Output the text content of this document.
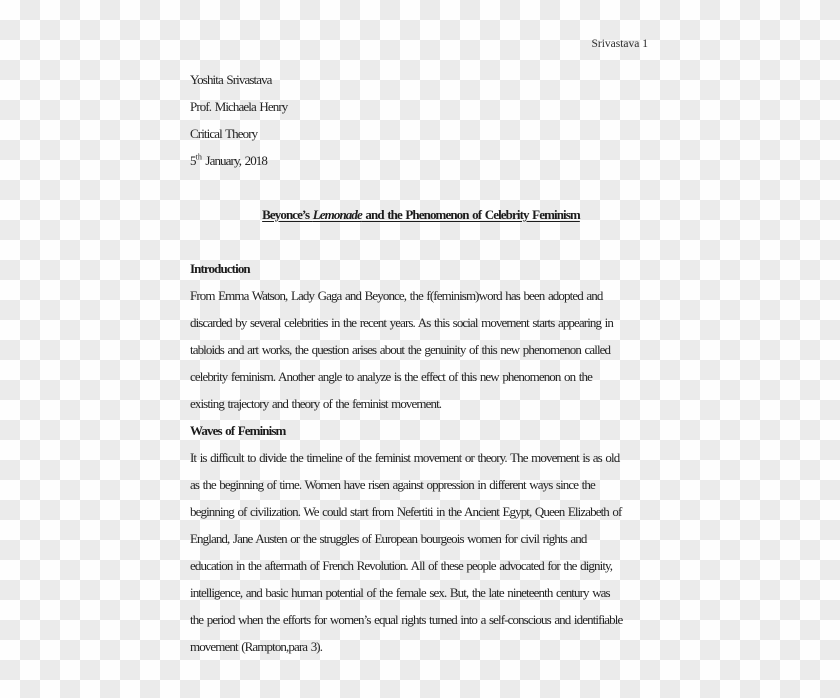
Srivastava 1
Yoshita Srivastava
Prof. Michaela Henry
Critical Theory
5th January, 2018
Beyonce’s Lemonade and the Phenomenon of Celebrity Feminism
Introduction
From Emma Watson, Lady Gaga and Beyonce, the f(feminism)word has been adopted and
discarded by several celebrities in the recent years. As this social movement starts appearing in
tabloids and art works, the question arises about the genuinity of this new phenomenon called
celebrity feminism. Another angle to analyze is the effect of this new phenomenon on the
existing trajectory and theory of the feminist movement.
Waves of Feminism
It is difficult to divide the timeline of the feminist movement or theory. The movement is as old
as the beginning of time. Women have risen against oppression in different ways since the
beginning of civilization. We could start from Nefertiti in the Ancient Egypt, Queen Elizabeth of
England, Jane Austen or the struggles of European bourgeois women for civil rights and
education in the aftermath of French Revolution. All of these people advocated for the dignity,
intelligence, and basic human potential of the female sex. But, the late nineteenth century was
the period when the efforts for women’s equal rights turned into a self-conscious and identifiable
movement (Rampton,para 3).
